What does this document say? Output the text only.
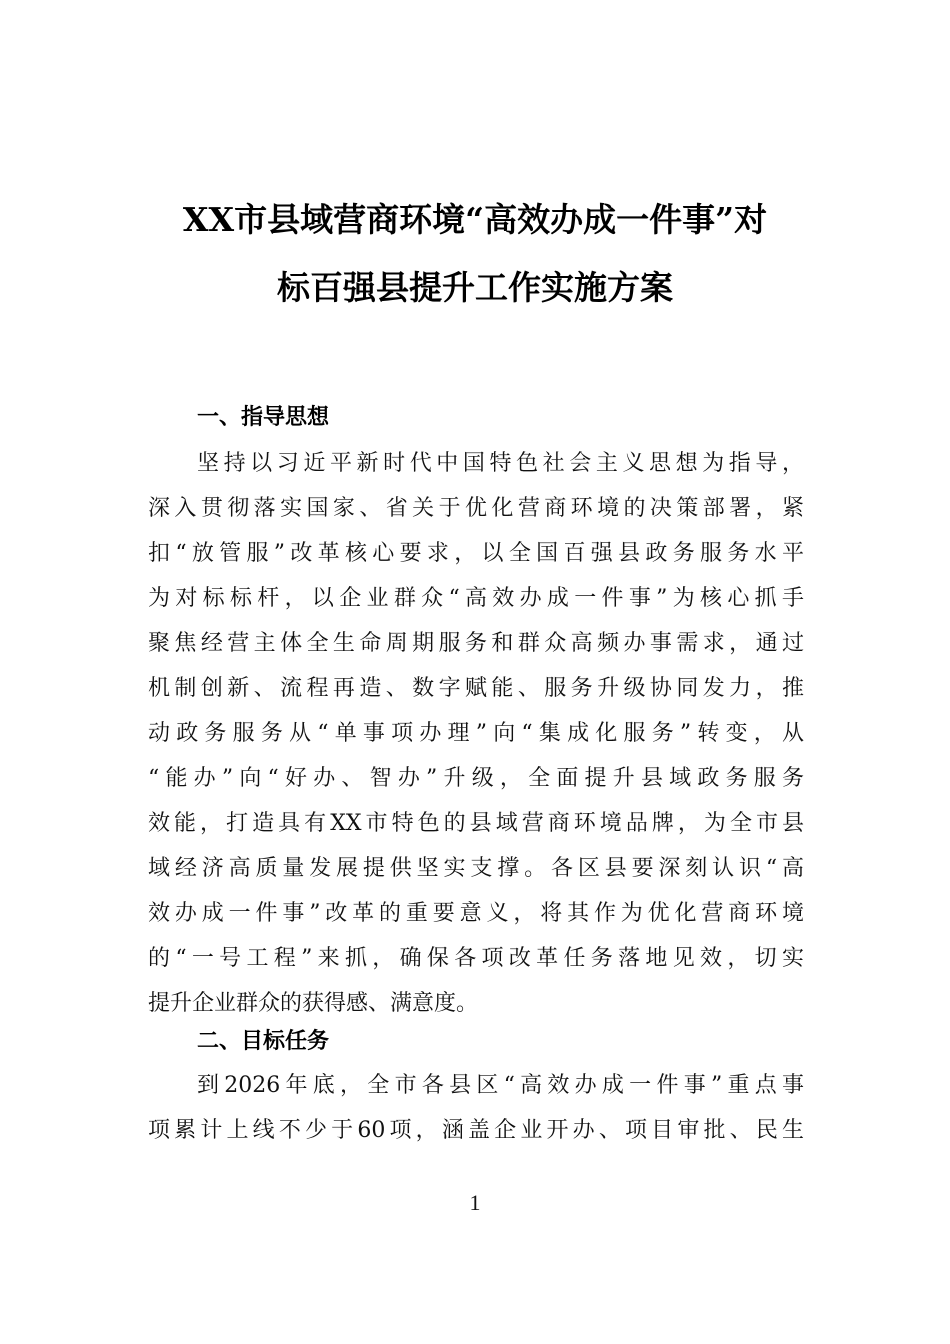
XX市县域营商环境“高效办成一件事”对
标百强县提升工作实施方案
一、指导思想
坚持以习近平新时代中国特色社会主义思想为指导，
深入贯彻落实国家、省关于优化营商环境的决策部署，紧
扣“放管服”改革核心要求，以全国百强县政务服务水平
为对标标杆，以企业群众“高效办成一件事”为核心抓手
聚焦经营主体全生命周期服务和群众高频办事需求，通过
机制创新、流程再造、数字赋能、服务升级协同发力，推
动政务服务从“单事项办理”向“集成化服务”转变，从
“能办”向“好办、智办”升级，全面提升县域政务服务
效能，打造具有XX市特色的县域营商环境品牌，为全市县
域经济高质量发展提供坚实支撑。各区县要深刻认识“高
效办成一件事”改革的重要意义，将其作为优化营商环境
的“一号工程”来抓，确保各项改革任务落地见效，切实
提升企业群众的获得感、满意度。
二、目标任务
到2026年底，全市各县区“高效办成一件事”重点事
项累计上线不少于60项，涵盖企业开办、项目审批、民生
1
